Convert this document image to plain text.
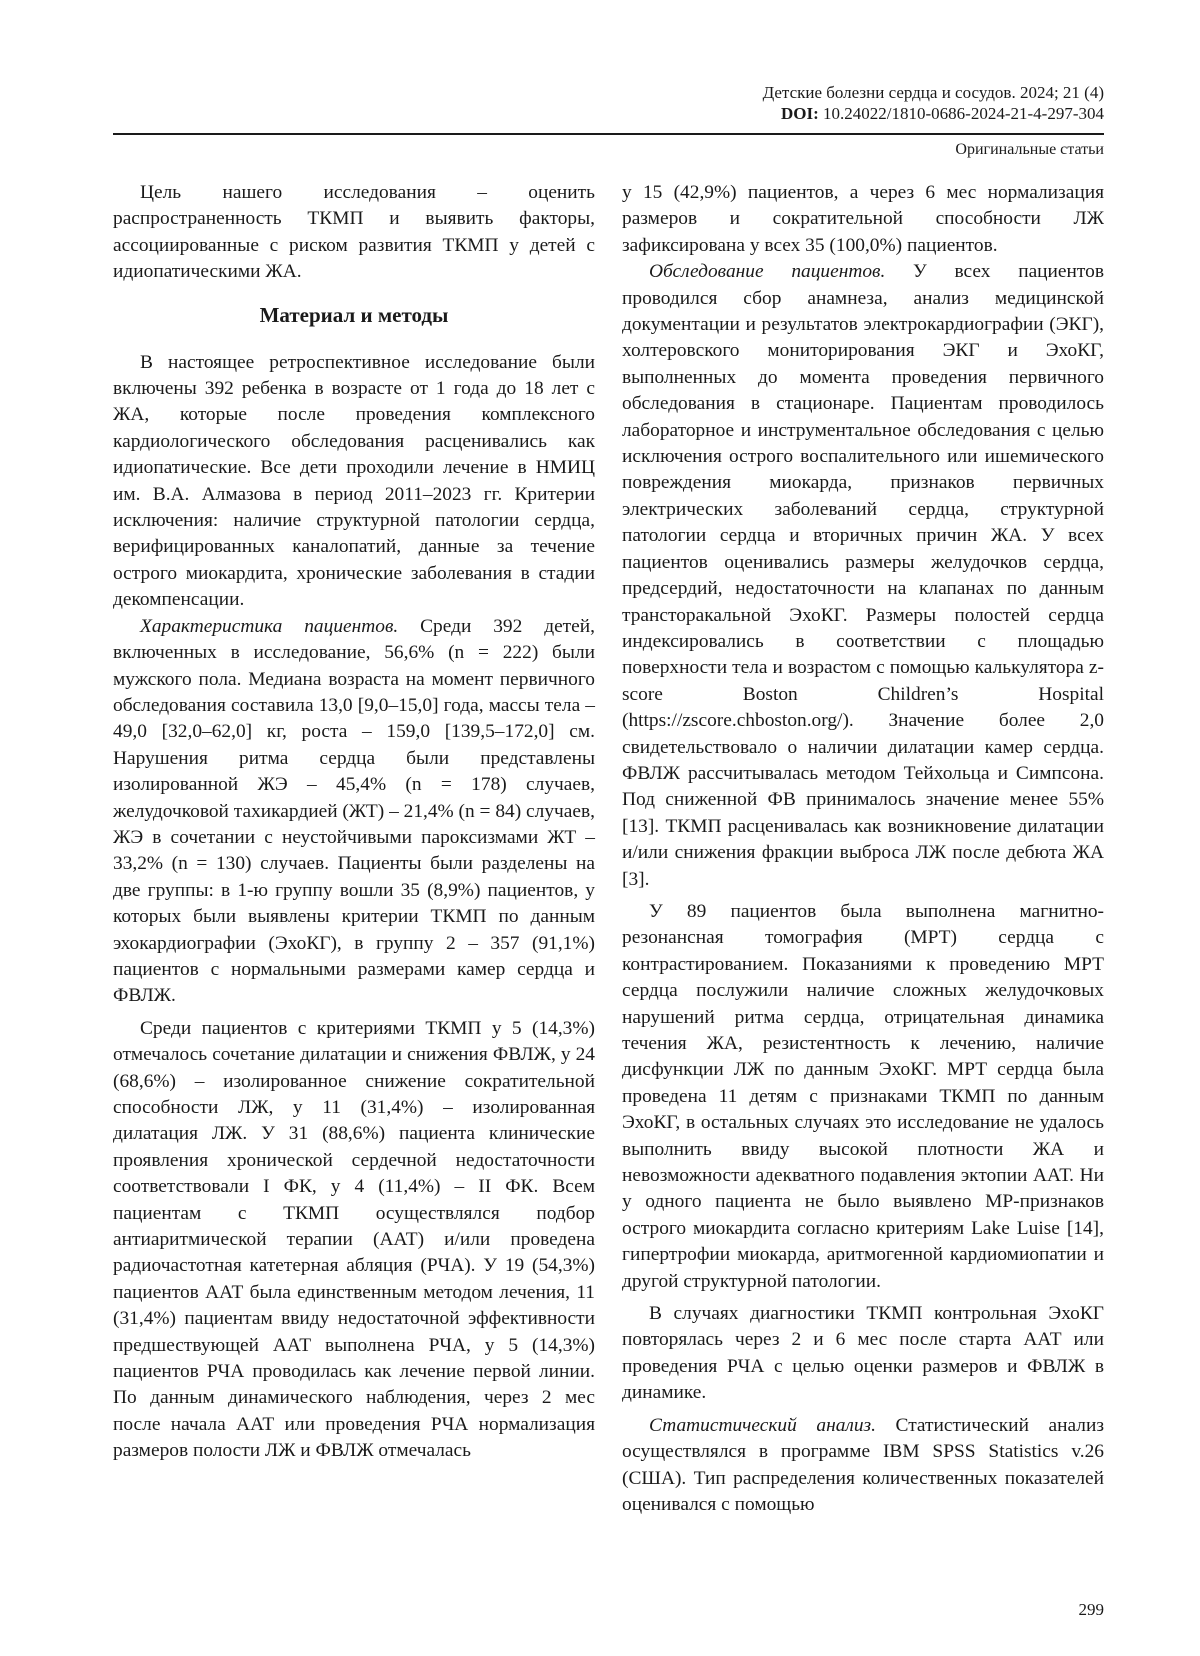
Детские болезни сердца и сосудов. 2024; 21 (4)
DOI: 10.24022/1810-0686-2024-21-4-297-304
Оригинальные статьи

Цель нашего исследования – оценить распространенность ТКМП и выявить факторы, ассоциированные с риском развития ТКМП у детей с идиопатическими ЖА.

Материал и методы

В настоящее ретроспективное исследование были включены 392 ребенка в возрасте от 1 года до 18 лет с ЖА, которые после проведения комплексного кардиологического обследования расценивались как идиопатические. Все дети проходили лечение в НМИЦ им. В.А. Алмазова в период 2011–2023 гг. Критерии исключения: наличие структурной патологии сердца, верифицированных каналопатий, данные за течение острого миокардита, хронические заболевания в стадии декомпенсации.

Характеристика пациентов. Среди 392 детей, включенных в исследование, 56,6% (n = 222) были мужского пола. Медиана возраста на момент первичного обследования составила 13,0 [9,0–15,0] года, массы тела – 49,0 [32,0–62,0] кг, роста – 159,0 [139,5–172,0] см. Нарушения ритма сердца были представлены изолированной ЖЭ – 45,4% (n = 178) случаев, желудочковой тахикардией (ЖТ) – 21,4% (n = 84) случаев, ЖЭ в сочетании с неустойчивыми пароксизмами ЖТ – 33,2% (n = 130) случаев. Пациенты были разделены на две группы: в 1-ю группу вошли 35 (8,9%) пациентов, у которых были выявлены критерии ТКМП по данным эхокардиографии (ЭхоКГ), в группу 2 – 357 (91,1%) пациентов с нормальными размерами камер сердца и ФВЛЖ.

Среди пациентов с критериями ТКМП у 5 (14,3%) отмечалось сочетание дилатации и снижения ФВЛЖ, у 24 (68,6%) – изолированное снижение сократительной способности ЛЖ, у 11 (31,4%) – изолированная дилатация ЛЖ. У 31 (88,6%) пациента клинические проявления хронической сердечной недостаточности соответствовали I ФК, у 4 (11,4%) – II ФК. Всем пациентам с ТКМП осуществлялся подбор антиаритмической терапии (ААТ) и/или проведена радиочастотная катетерная абляция (РЧА). У 19 (54,3%) пациентов ААТ была единственным методом лечения, 11 (31,4%) пациентам ввиду недостаточной эффективности предшествующей ААТ выполнена РЧА, у 5 (14,3%) пациентов РЧА проводилась как лечение первой линии. По данным динамического наблюдения, через 2 мес после начала ААТ или проведения РЧА нормализация размеров полости ЛЖ и ФВЛЖ отмечалась

у 15 (42,9%) пациентов, а через 6 мес нормализация размеров и сократительной способности ЛЖ зафиксирована у всех 35 (100,0%) пациентов.

Обследование пациентов. У всех пациентов проводился сбор анамнеза, анализ медицинской документации и результатов электрокардиографии (ЭКГ), холтеровского мониторирования ЭКГ и ЭхоКГ, выполненных до момента проведения первичного обследования в стационаре. Пациентам проводилось лабораторное и инструментальное обследования с целью исключения острого воспалительного или ишемического повреждения миокарда, признаков первичных электрических заболеваний сердца, структурной патологии сердца и вторичных причин ЖА. У всех пациентов оценивались размеры желудочков сердца, предсердий, недостаточности на клапанах по данным трансторакальной ЭхоКГ. Размеры полостей сердца индексировались в соответствии с площадью поверхности тела и возрастом с помощью калькулятора z-score Boston Children’s Hospital (https://zscore.chboston.org/). Значение более 2,0 свидетельствовало о наличии дилатации камер сердца. ФВЛЖ рассчитывалась методом Тейхольца и Симпсона. Под сниженной ФВ принималось значение менее 55% [13]. ТКМП расценивалась как возникновение дилатации и/или снижения фракции выброса ЛЖ после дебюта ЖА [3].

У 89 пациентов была выполнена магнитно-резонансная томография (МРТ) сердца с контрастированием. Показаниями к проведению МРТ сердца послужили наличие сложных желудочковых нарушений ритма сердца, отрицательная динамика течения ЖА, резистентность к лечению, наличие дисфункции ЛЖ по данным ЭхоКГ. МРТ сердца была проведена 11 детям с признаками ТКМП по данным ЭхоКГ, в остальных случаях это исследование не удалось выполнить ввиду высокой плотности ЖА и невозможности адекватного подавления эктопии ААТ. Ни у одного пациента не было выявлено МР-признаков острого миокардита согласно критериям Lake Luise [14], гипертрофии миокарда, аритмогенной кардиомиопатии и другой структурной патологии.

В случаях диагностики ТКМП контрольная ЭхоКГ повторялась через 2 и 6 мес после старта ААТ или проведения РЧА с целью оценки размеров и ФВЛЖ в динамике.

Статистический анализ. Статистический анализ осуществлялся в программе IBM SPSS Statistics v.26 (США). Тип распределения количественных показателей оценивался с помощью

299
